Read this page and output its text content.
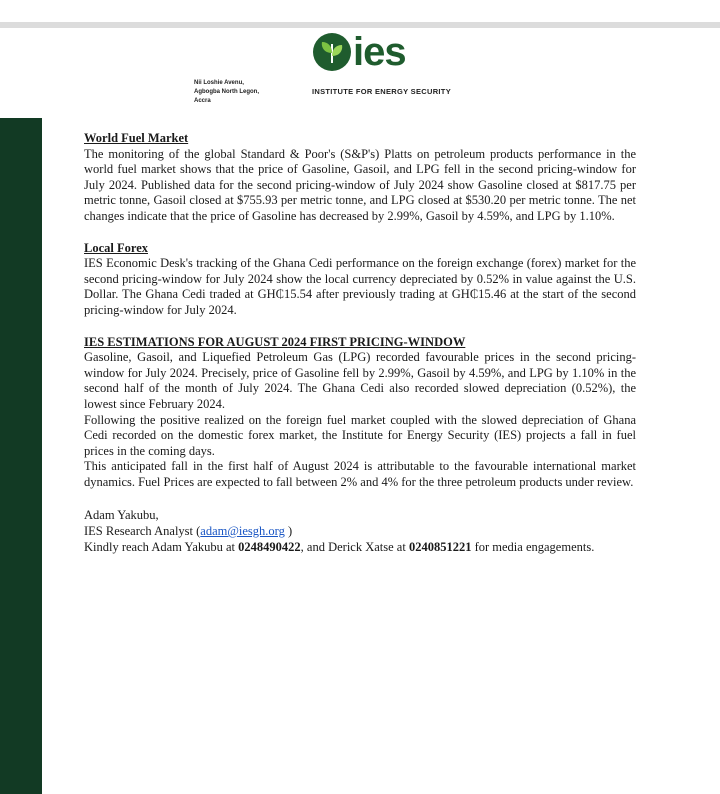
ies
Nii Loshie Avenu,
Agbogba North Legon,
Accra
INSTITUTE FOR ENERGY SECURITY

World Fuel Market

The monitoring of the global Standard & Poor's (S&P's) Platts on petroleum products performance in the world fuel market shows that the price of Gasoline, Gasoil, and LPG fell in the second pricing-window for July 2024. Published data for the second pricing-window of July 2024 show Gasoline closed at $817.75 per metric tonne, Gasoil closed at $755.93 per metric tonne, and LPG closed at $530.20 per metric tonne. The net changes indicate that the price of Gasoline has decreased by 2.99%, Gasoil by 4.59%, and LPG by 1.10%.

Local Forex

IES Economic Desk's tracking of the Ghana Cedi performance on the foreign exchange (forex) market for the second pricing-window for July 2024 show the local currency depreciated by 0.52% in value against the U.S. Dollar. The Ghana Cedi traded at GH₵15.54 after previously trading at GH₵15.46 at the start of the second pricing-window for July 2024.

IES ESTIMATIONS FOR AUGUST 2024 FIRST PRICING-WINDOW

Gasoline, Gasoil, and Liquefied Petroleum Gas (LPG) recorded favourable prices in the second pricing-window for July 2024. Precisely, price of Gasoline fell by 2.99%, Gasoil by 4.59%, and LPG by 1.10% in the second half of the month of July 2024. The Ghana Cedi also recorded slowed depreciation (0.52%), the lowest since February 2024.

Following the positive realized on the foreign fuel market coupled with the slowed depreciation of Ghana Cedi recorded on the domestic forex market, the Institute for Energy Security (IES) projects a fall in fuel prices in the coming days.

This anticipated fall in the first half of August 2024 is attributable to the favourable international market dynamics. Fuel Prices are expected to fall between 2% and 4% for the three petroleum products under review.

Adam Yakubu,

IES Research Analyst (adam@iesgh.org )

Kindly reach Adam Yakubu at 0248490422, and Derick Xatse at 0240851221 for media engagements.
